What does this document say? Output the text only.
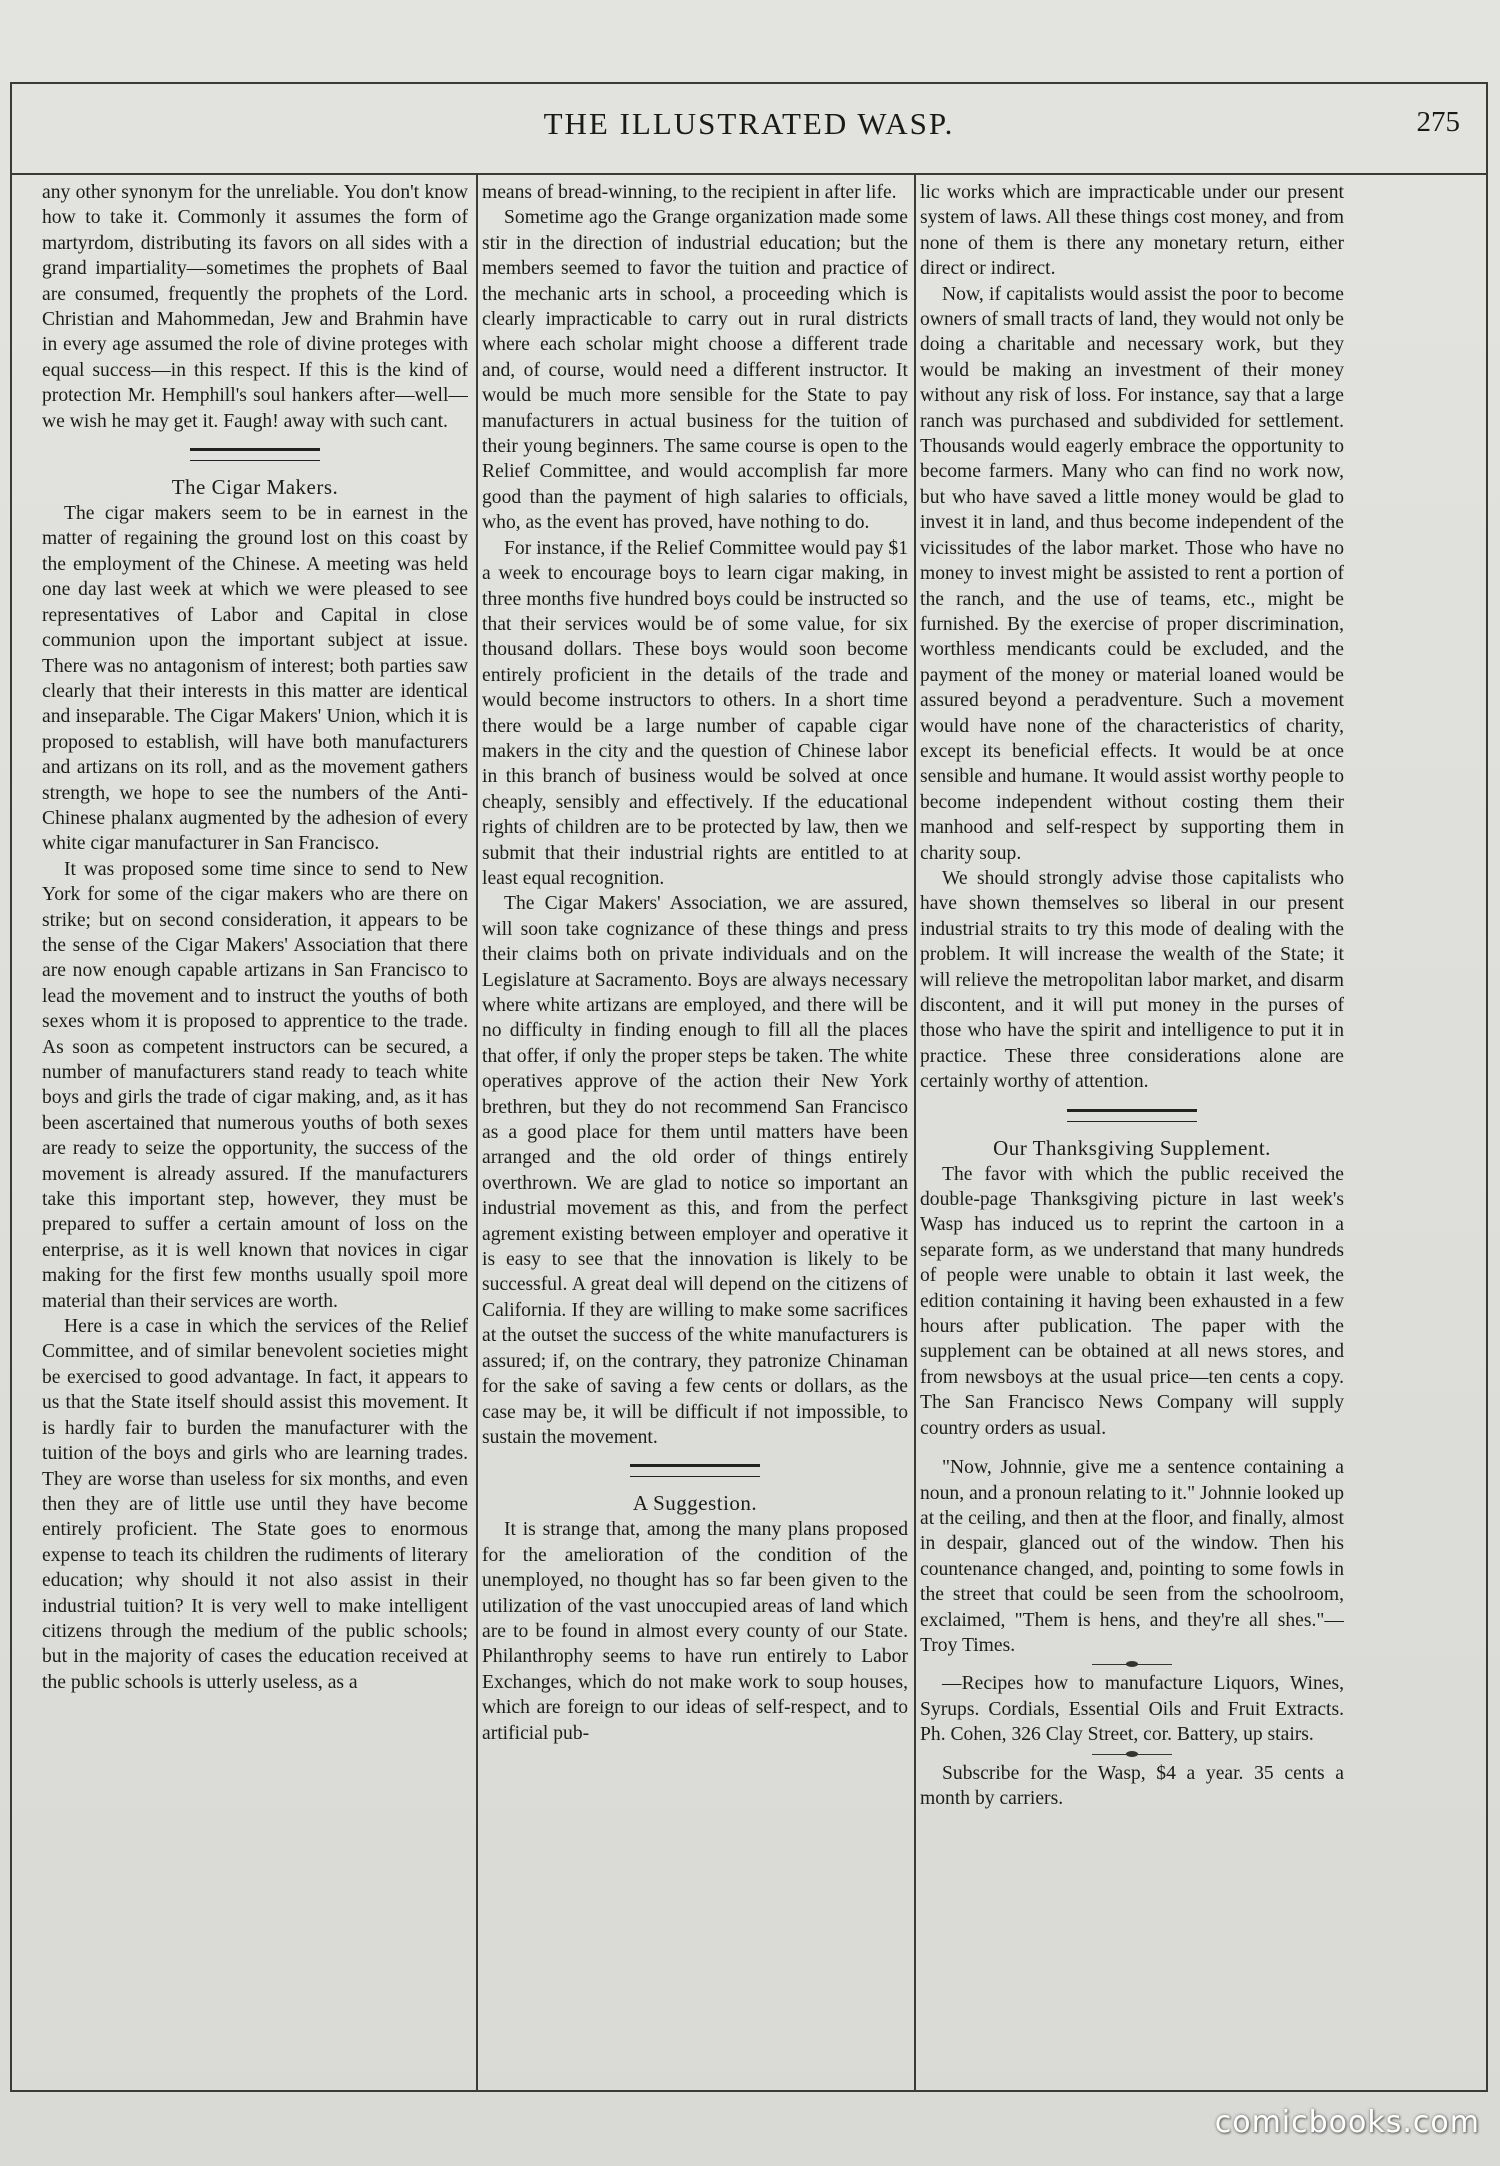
THE ILLUSTRATED WASP.	275

any other synonym for the unreliable. You don't know how to take it. Commonly it assumes the form of martyrdom, distributing its favors on all sides with a grand impartiality—sometimes the prophets of Baal are consumed, frequently the prophets of the Lord. Christian and Mahommedan, Jew and Brahmin have in every age assumed the role of divine proteges with equal success—in this respect. If this is the kind of protection Mr. Hemphill's soul hankers after—well—we wish he may get it. Faugh! away with such cant.

The Cigar Makers.

The cigar makers seem to be in earnest in the matter of regaining the ground lost on this coast by the employment of the Chinese. A meeting was held one day last week at which we were pleased to see representatives of Labor and Capital in close communion upon the important subject at issue. There was no antagonism of interest; both parties saw clearly that their interests in this matter are identical and inseparable. The Cigar Makers' Union, which it is proposed to establish, will have both manufacturers and artizans on its roll, and as the movement gathers strength, we hope to see the numbers of the Anti-Chinese phalanx augmented by the adhesion of every white cigar manufacturer in San Francisco.

It was proposed some time since to send to New York for some of the cigar makers who are there on strike; but on second consideration, it appears to be the sense of the Cigar Makers' Association that there are now enough capable artizans in San Francisco to lead the movement and to instruct the youths of both sexes whom it is proposed to apprentice to the trade. As soon as competent instructors can be secured, a number of manufacturers stand ready to teach white boys and girls the trade of cigar making, and, as it has been ascertained that numerous youths of both sexes are ready to seize the opportunity, the success of the movement is already assured. If the manufacturers take this important step, however, they must be prepared to suffer a certain amount of loss on the enterprise, as it is well known that novices in cigar making for the first few months usually spoil more material than their services are worth.

Here is a case in which the services of the Relief Committee, and of similar benevolent societies might be exercised to good advantage. In fact, it appears to us that the State itself should assist this movement. It is hardly fair to burden the manufacturer with the tuition of the boys and girls who are learning trades. They are worse than useless for six months, and even then they are of little use until they have become entirely proficient. The State goes to enormous expense to teach its children the rudiments of literary education; why should it not also assist in their industrial tuition? It is very well to make intelligent citizens through the medium of the public schools; but in the majority of cases the education received at the public schools is utterly useless, as a

means of bread-winning, to the recipient in after life.

Sometime ago the Grange organization made some stir in the direction of industrial education; but the members seemed to favor the tuition and practice of the mechanic arts in school, a proceeding which is clearly impracticable to carry out in rural districts where each scholar might choose a different trade and, of course, would need a different instructor. It would be much more sensible for the State to pay manufacturers in actual business for the tuition of their young beginners. The same course is open to the Relief Committee, and would accomplish far more good than the payment of high salaries to officials, who, as the event has proved, have nothing to do.

For instance, if the Relief Committee would pay $1 a week to encourage boys to learn cigar making, in three months five hundred boys could be instructed so that their services would be of some value, for six thousand dollars. These boys would soon become entirely proficient in the details of the trade and would become instructors to others. In a short time there would be a large number of capable cigar makers in the city and the question of Chinese labor in this branch of business would be solved at once cheaply, sensibly and effectively. If the educational rights of children are to be protected by law, then we submit that their industrial rights are entitled to at least equal recognition.

The Cigar Makers' Association, we are assured, will soon take cognizance of these things and press their claims both on private individuals and on the Legislature at Sacramento. Boys are always necessary where white artizans are employed, and there will be no difficulty in finding enough to fill all the places that offer, if only the proper steps be taken. The white operatives approve of the action their New York brethren, but they do not recommend San Francisco as a good place for them until matters have been arranged and the old order of things entirely overthrown. We are glad to notice so important an industrial movement as this, and from the perfect agrement existing between employer and operative it is easy to see that the innovation is likely to be successful. A great deal will depend on the citizens of California. If they are willing to make some sacrifices at the outset the success of the white manufacturers is assured; if, on the contrary, they patronize Chinaman for the sake of saving a few cents or dollars, as the case may be, it will be difficult if not impossible, to sustain the movement.

A Suggestion.

It is strange that, among the many plans proposed for the amelioration of the condition of the unemployed, no thought has so far been given to the utilization of the vast unoccupied areas of land which are to be found in almost every county of our State. Philanthrophy seems to have run entirely to Labor Exchanges, which do not make work to soup houses, which are foreign to our ideas of self-respect, and to artificial pub-

lic works which are impracticable under our present system of laws. All these things cost money, and from none of them is there any monetary return, either direct or indirect.

Now, if capitalists would assist the poor to become owners of small tracts of land, they would not only be doing a charitable and necessary work, but they would be making an investment of their money without any risk of loss. For instance, say that a large ranch was purchased and subdivided for settlement. Thousands would eagerly embrace the opportunity to become farmers. Many who can find no work now, but who have saved a little money would be glad to invest it in land, and thus become independent of the vicissitudes of the labor market. Those who have no money to invest might be assisted to rent a portion of the ranch, and the use of teams, etc., might be furnished. By the exercise of proper discrimination, worthless mendicants could be excluded, and the payment of the money or material loaned would be assured beyond a peradventure. Such a movement would have none of the characteristics of charity, except its beneficial effects. It would be at once sensible and humane. It would assist worthy people to become independent without costing them their manhood and self-respect by supporting them in charity soup.

We should strongly advise those capitalists who have shown themselves so liberal in our present industrial straits to try this mode of dealing with the problem. It will increase the wealth of the State; it will relieve the metropolitan labor market, and disarm discontent, and it will put money in the purses of those who have the spirit and intelligence to put it in practice. These three considerations alone are certainly worthy of attention.

Our Thanksgiving Supplement.

The favor with which the public received the double-page Thanksgiving picture in last week's Wasp has induced us to reprint the cartoon in a separate form, as we understand that many hundreds of people were unable to obtain it last week, the edition containing it having been exhausted in a few hours after publication. The paper with the supplement can be obtained at all news stores, and from newsboys at the usual price—ten cents a copy. The San Francisco News Company will supply country orders as usual.

"Now, Johnnie, give me a sentence containing a noun, and a pronoun relating to it." Johnnie looked up at the ceiling, and then at the floor, and finally, almost in despair, glanced out of the window. Then his countenance changed, and, pointing to some fowls in the street that could be seen from the schoolroom, exclaimed, "Them is hens, and they're all shes."—Troy Times.

—Recipes how to manufacture Liquors, Wines, Syrups. Cordials, Essential Oils and Fruit Extracts. Ph. Cohen, 326 Clay Street, cor. Battery, up stairs.

Subscribe for the Wasp, $4 a year. 35 cents a month by carriers.

comicbooks.com
